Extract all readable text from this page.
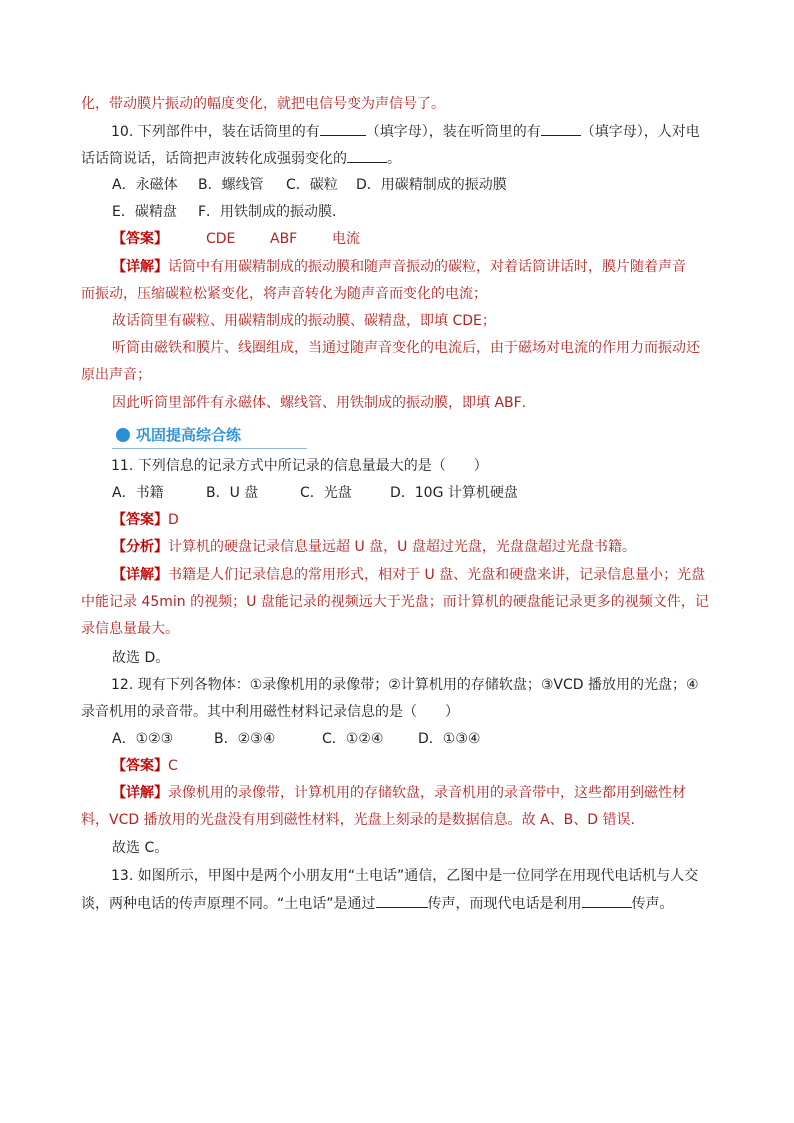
化，带动膜片振动的幅度变化，就把电信号变为声信号了。
10. 下列部件中，装在话筒里的有	（填字母），装在听筒里的有	（填字母），人对电
话话筒说话，话筒把声波转化成强弱变化的	。
A．永磁体 B．螺线管 C．碳粒 D．用碳精制成的振动膜
E．碳精盘 F．用铁制成的振动膜．
【答案】	CDE ABF 电流
【详解】话筒中有用碳精制成的振动膜和随声音振动的碳粒，对着话筒讲话时，膜片随着声音
而振动，压缩碳粒松紧变化，将声音转化为随声音而变化的电流；
故话筒里有碳粒、用碳精制成的振动膜、碳精盘，即填 CDE；
听筒由磁铁和膜片、线圈组成，当通过随声音变化的电流后，由于磁场对电流的作用力而振动还
原出声音；
因此听筒里部件有永磁体、螺线管、用铁制成的振动膜，即填 ABF．
巩固提高综合练
11. 下列信息的记录方式中所记录的信息量最大的是（　　）
A．书籍	B．U 盘	C．光盘	D．10G 计算机硬盘
【答案】D
【分析】计算机的硬盘记录信息量远超 U 盘，U 盘超过光盘，光盘盘超过光盘书籍。
【详解】书籍是人们记录信息的常用形式，相对于 U 盘、光盘和硬盘来讲，记录信息量小；光盘
中能记录 45min 的视频；U 盘能记录的视频远大于光盘；而计算机的硬盘能记录更多的视频文件，记
录信息量最大。
故选 D。
12. 现有下列各物体：①录像机用的录像带；②计算机用的存储软盘；③VCD 播放用的光盘；④
录音机用的录音带。其中利用磁性材料记录信息的是（　　）
A．①②③	B．②③④	C．①②④ D．①③④
【答案】C
【详解】录像机用的录像带，计算机用的存储软盘，录音机用的录音带中，这些都用到磁性材
料，VCD 播放用的光盘没有用到磁性材料，光盘上刻录的是数据信息。故 A、B、D 错误.
故选 C。
13. 如图所示，甲图中是两个小朋友用“土电话”通信，乙图中是一位同学在用现代电话机与人交
谈，两种电话的传声原理不同。“土电话”是通过	传声，而现代电话是利用	传声。
